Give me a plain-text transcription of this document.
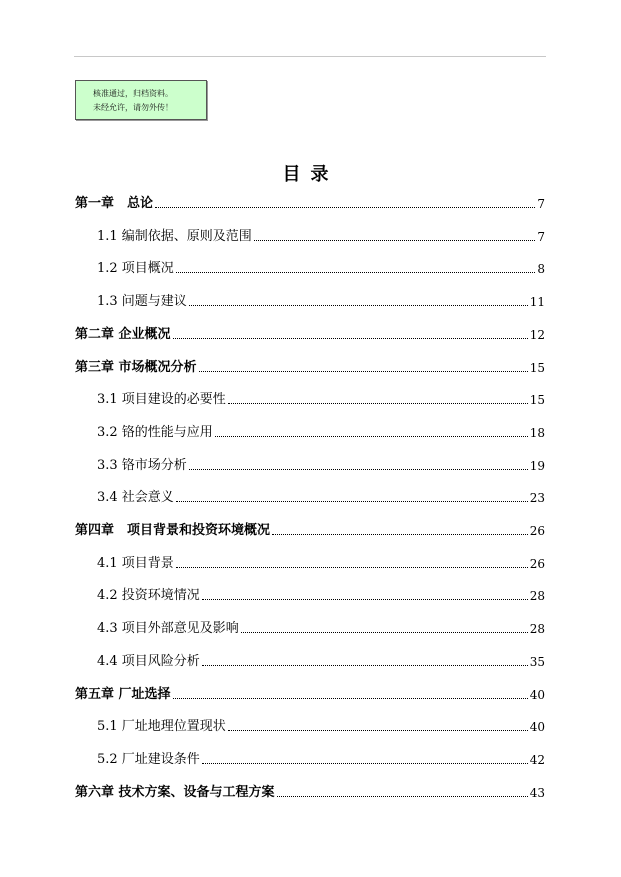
核准通过，归档资料。
未经允许，请勿外传！
目录
第一章　总论	7
1.1 编制依据、原则及范围	7
1.2 项目概况	8
1.3 问题与建议	11
第二章 企业概况	12
第三章 市场概况分析	15
3.1 项目建设的必要性	15
3.2 铬的性能与应用	18
3.3 铬市场分析	19
3.4 社会意义	23
第四章　项目背景和投资环境概况	26
4.1 项目背景	26
4.2 投资环境情况	28
4.3 项目外部意见及影响	28
4.4 项目风险分析	35
第五章 厂址选择	40
5.1 厂址地理位置现状	40
5.2 厂址建设条件	42
第六章 技术方案、设备与工程方案	43
